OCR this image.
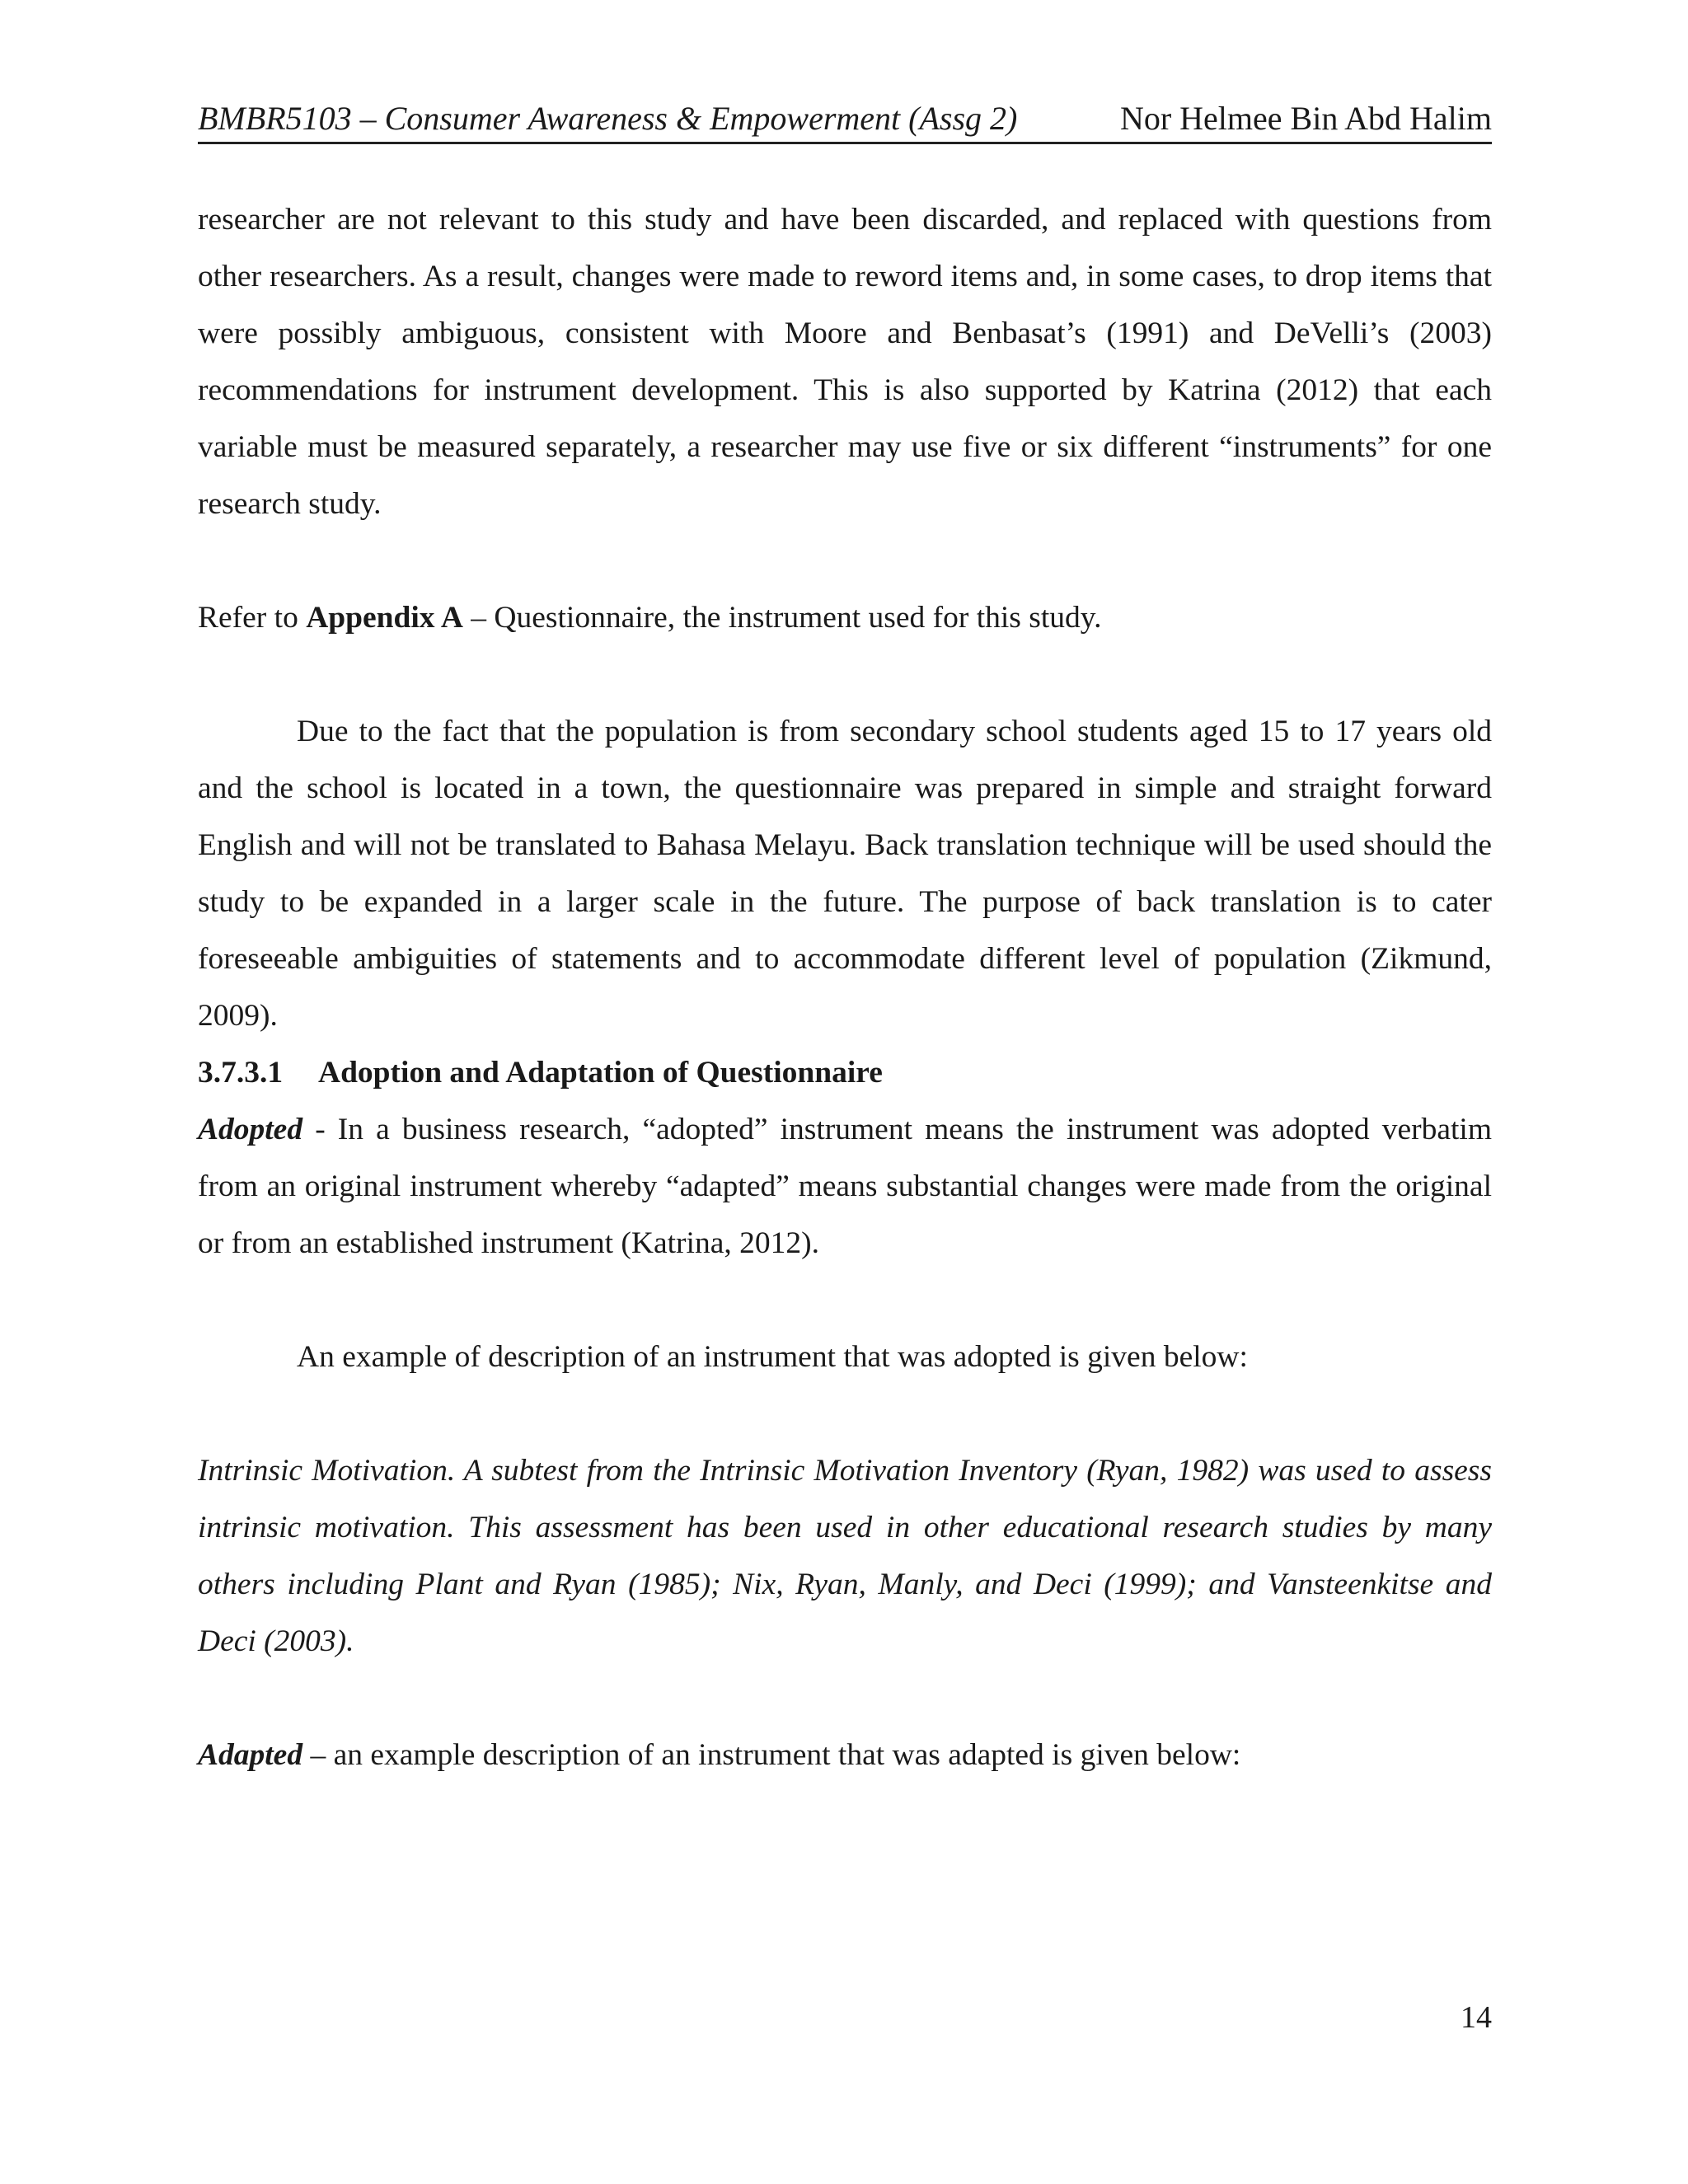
BMBR5103 – Consumer Awareness & Empowerment (Assg 2)	Nor Helmee Bin Abd Halim

researcher are not relevant to this study and have been discarded, and replaced with questions from other researchers. As a result, changes were made to reword items and, in some cases, to drop items that were possibly ambiguous, consistent with Moore and Benbasat’s (1991) and DeVelli’s (2003) recommendations for instrument development. This is also supported by Katrina (2012) that each variable must be measured separately, a researcher may use five or six different “instruments” for one research study.

Refer to Appendix A – Questionnaire, the instrument used for this study.

Due to the fact that the population is from secondary school students aged 15 to 17 years old and the school is located in a town, the questionnaire was prepared in simple and straight forward English and will not be translated to Bahasa Melayu. Back translation technique will be used should the study to be expanded in a larger scale in the future. The purpose of back translation is to cater foreseeable ambiguities of statements and to accommodate different level of population (Zikmund, 2009).

3.7.3.1 Adoption and Adaptation of Questionnaire

Adopted - In a business research, “adopted” instrument means the instrument was adopted verbatim from an original instrument whereby “adapted” means substantial changes were made from the original or from an established instrument (Katrina, 2012).

An example of description of an instrument that was adopted is given below:

Intrinsic Motivation. A subtest from the Intrinsic Motivation Inventory (Ryan, 1982) was used to assess intrinsic motivation. This assessment has been used in other educational research studies by many others including Plant and Ryan (1985); Nix, Ryan, Manly, and Deci (1999); and Vansteenkitse and Deci (2003).

Adapted – an example description of an instrument that was adapted is given below:

14
